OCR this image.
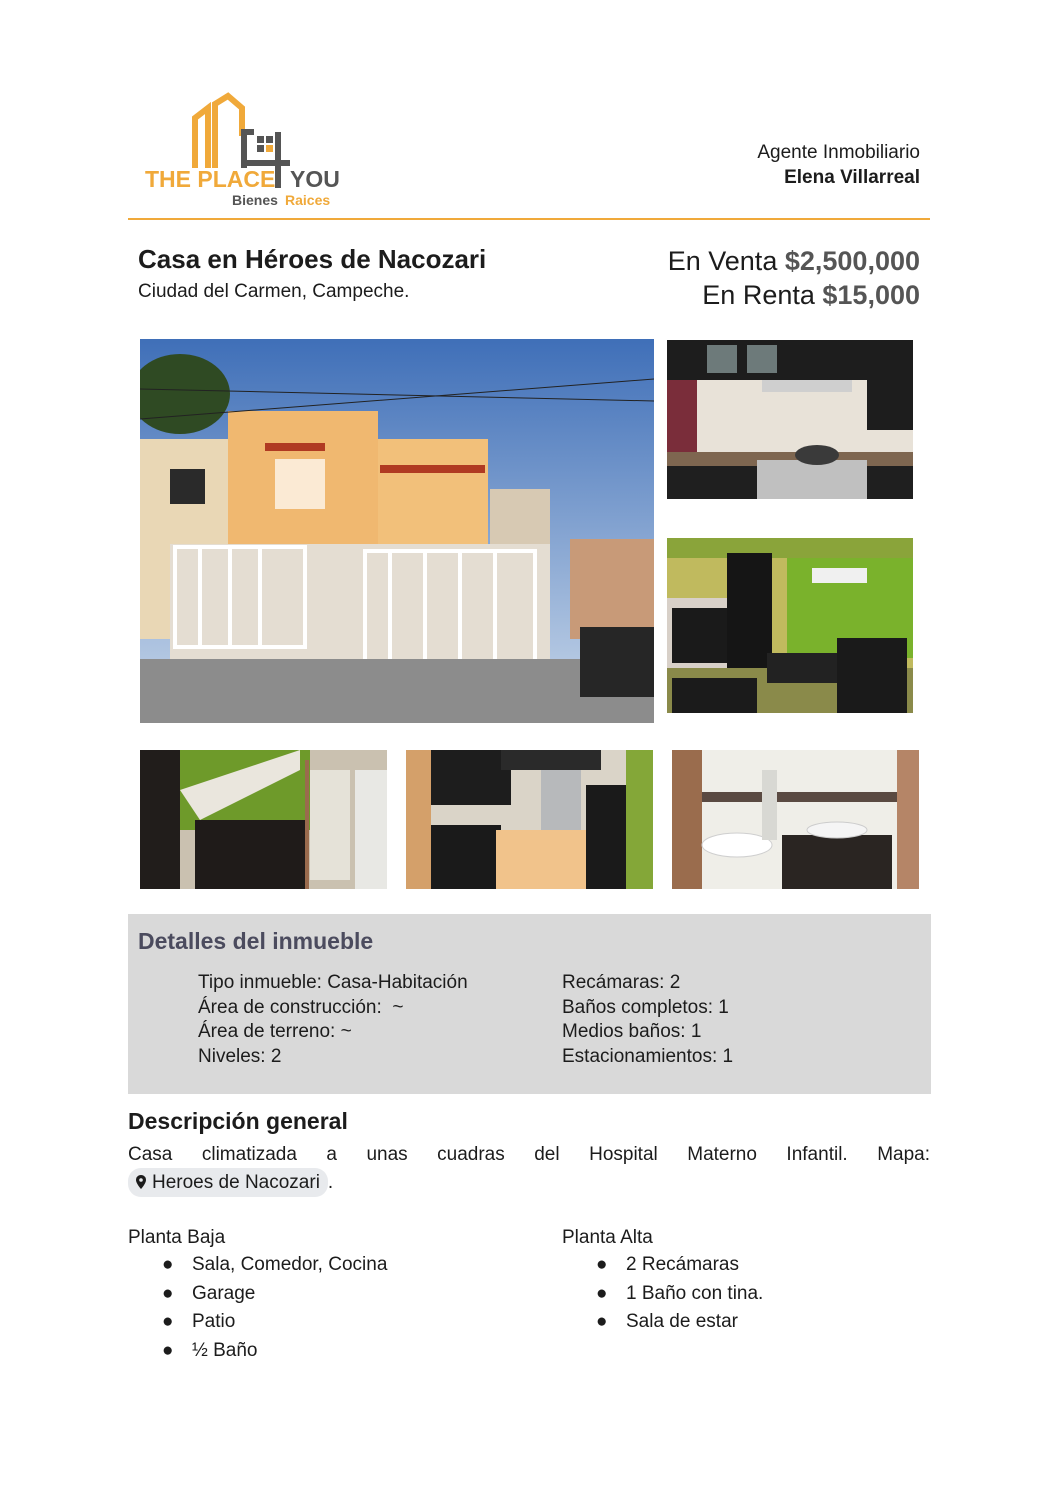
THE PLACE YOU
Bienes Raices
Agente Inmobiliario
Elena Villarreal
Casa en Héroes de Nacozari
Ciudad del Carmen, Campeche.
En Venta $2,500,000
En Renta $15,000
Detalles del inmueble
Tipo inmueble: Casa-Habitación
Área de construcción:  ~
Área de terreno: ~
Niveles: 2
Recámaras: 2
Baños completos: 1
Medios baños: 1
Estacionamientos: 1
Descripción general
Casa climatizada a unas cuadras del Hospital Materno Infantil. Mapa:
Heroes de Nacozari .
Planta Baja
● Sala, Comedor, Cocina
● Garage
● Patio
● ½ Baño
Planta Alta
● 2 Recámaras
● 1 Baño con tina.
● Sala de estar
